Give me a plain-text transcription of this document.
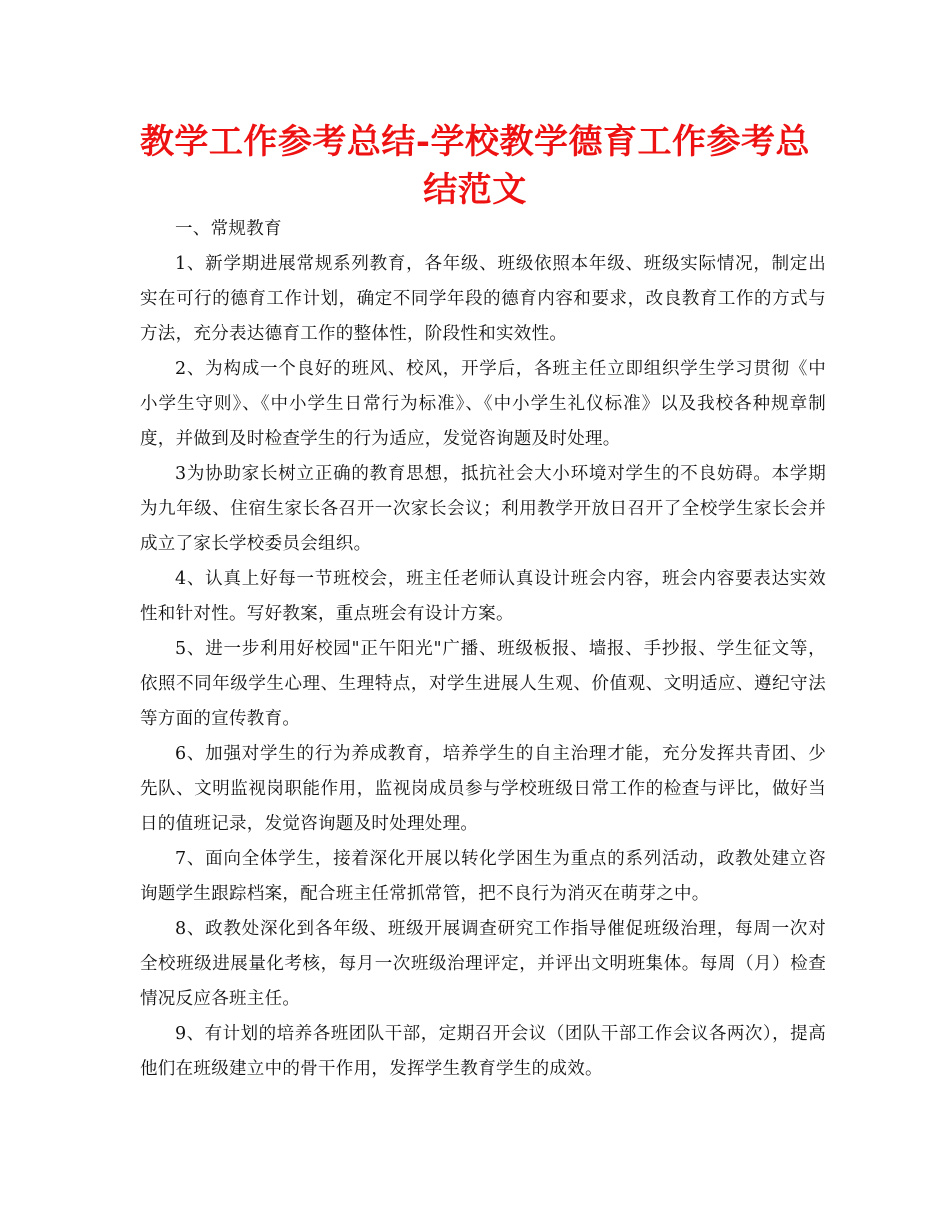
教学工作参考总结-学校教学德育工作参考总结范文

一、常规教育

1、新学期进展常规系列教育，各年级、班级依照本年级、班级实际情况，制定出实在可行的德育工作计划，确定不同学年段的德育内容和要求，改良教育工作的方式与方法，充分表达德育工作的整体性，阶段性和实效性。

2、为构成一个良好的班风、校风，开学后，各班主任立即组织学生学习贯彻《中小学生守则》、《中小学生日常行为标准》、《中小学生礼仪标准》以及我校各种规章制度，并做到及时检查学生的行为适应，发觉咨询题及时处理。

3为协助家长树立正确的教育思想，抵抗社会大小环境对学生的不良妨碍。本学期为九年级、住宿生家长各召开一次家长会议；利用教学开放日召开了全校学生家长会并成立了家长学校委员会组织。

4、认真上好每一节班校会，班主任老师认真设计班会内容，班会内容要表达实效性和针对性。写好教案，重点班会有设计方案。

5、进一步利用好校园"正午阳光"广播、班级板报、墙报、手抄报、学生征文等，依照不同年级学生心理、生理特点，对学生进展人生观、价值观、文明适应、遵纪守法等方面的宣传教育。

6、加强对学生的行为养成教育，培养学生的自主治理才能，充分发挥共青团、少先队、文明监视岗职能作用，监视岗成员参与学校班级日常工作的检查与评比，做好当日的值班记录，发觉咨询题及时处理处理。

7、面向全体学生，接着深化开展以转化学困生为重点的系列活动，政教处建立咨询题学生跟踪档案，配合班主任常抓常管，把不良行为消灭在萌芽之中。

8、政教处深化到各年级、班级开展调查研究工作指导催促班级治理，每周一次对全校班级进展量化考核，每月一次班级治理评定，并评出文明班集体。每周（月）检查情况反应各班主任。

9、有计划的培养各班团队干部，定期召开会议（团队干部工作会议各两次），提高他们在班级建立中的骨干作用，发挥学生教育学生的成效。
